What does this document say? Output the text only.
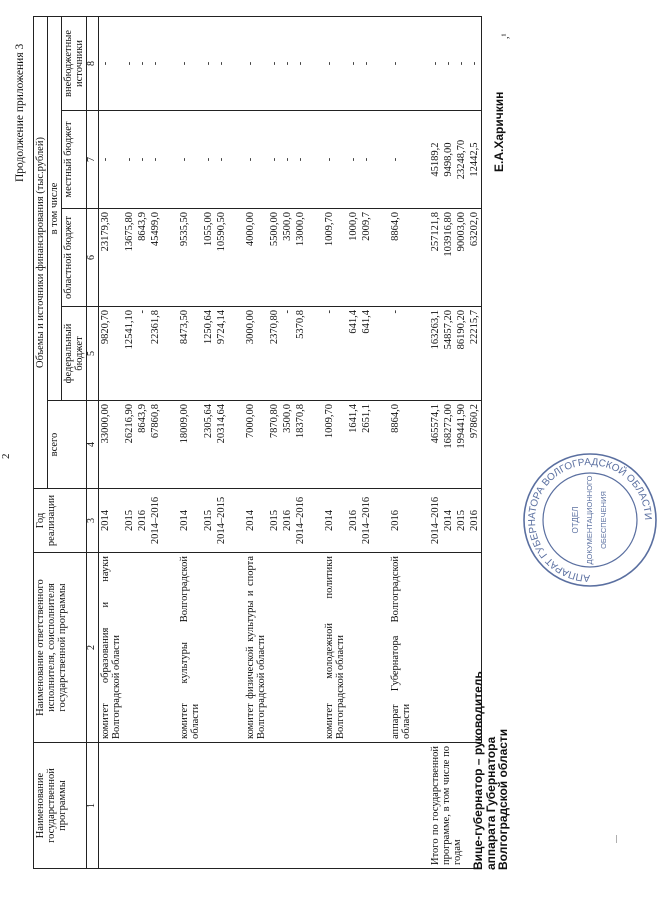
2
Продолжение приложения 3
Наименование государственной программы	Наименование ответственного исполнителя, соисполнителя государственной программы	Год реализации	Объемы и источники финансирования (тыс.рублей)				
			всего	в том числе			
				федеральный бюджет	областной бюджет	местный бюджет	внебюджетные источники
1	2	3	4	5	6	7	8
	комитет образования и науки Волгоградской области	2014	33000,00	9820,70	23179,30	-	-
		2015	26216,90	12541,10	13675,80	-	-
		2016	8643,9	-	8643,9	-	-
		2014–2016	67860,8	22361,8	45499,0	-	-

	комитет культуры Волгоградской области	2014	18009,00	8473,50	9535,50	-	-
		2015	2305,64	1250,64	1055,00	-	-
		2014–2015	20314,64	9724,14	10590,50	-	-

	комитет физической культуры и спорта Волгоградской области	2014	7000,00	3000,00	4000,00	-	-
		2015	7870,80	2370,80	5500,00	-	-
		2016	3500,0	-	3500,0	-	-
		2014–2016	18370,8	5370,8	13000,0	-	-

	комитет молодежной политики Волгоградской области	2014	1009,70	-	1009,70	-	-
		2016	1641,4	641,4	1000,0	-	-
		2014–2016	2651,1	641,4	2009,7	-	-

	аппарат Губернатора Волгоградской области	2016	8864,0	-	8864,0	-	-

Итого по государственной программе, в том числе по годам		2014–2016	465574,1	163263,1	257121,8	45189,2	-
		2014	168272,00	54857,20	103916,80	9498,00	-
		2015	199441,90	86190,20	90003,00	23248,70	-
		2016	97860,2	22215,7	63202,0	12442,5	-
Вице-губернатор – руководитель
аппарата Губернатора
Волгоградской области
Е.А.Харичкин
АППАРАТ ГУБЕРНАТОРА ВОЛГОГРАДСКОЙ ОБЛАСТИ
ОТДЕЛ ДОКУМЕНТАЦИОННОГО ОБЕСПЕЧЕНИЯ
,¹
—
